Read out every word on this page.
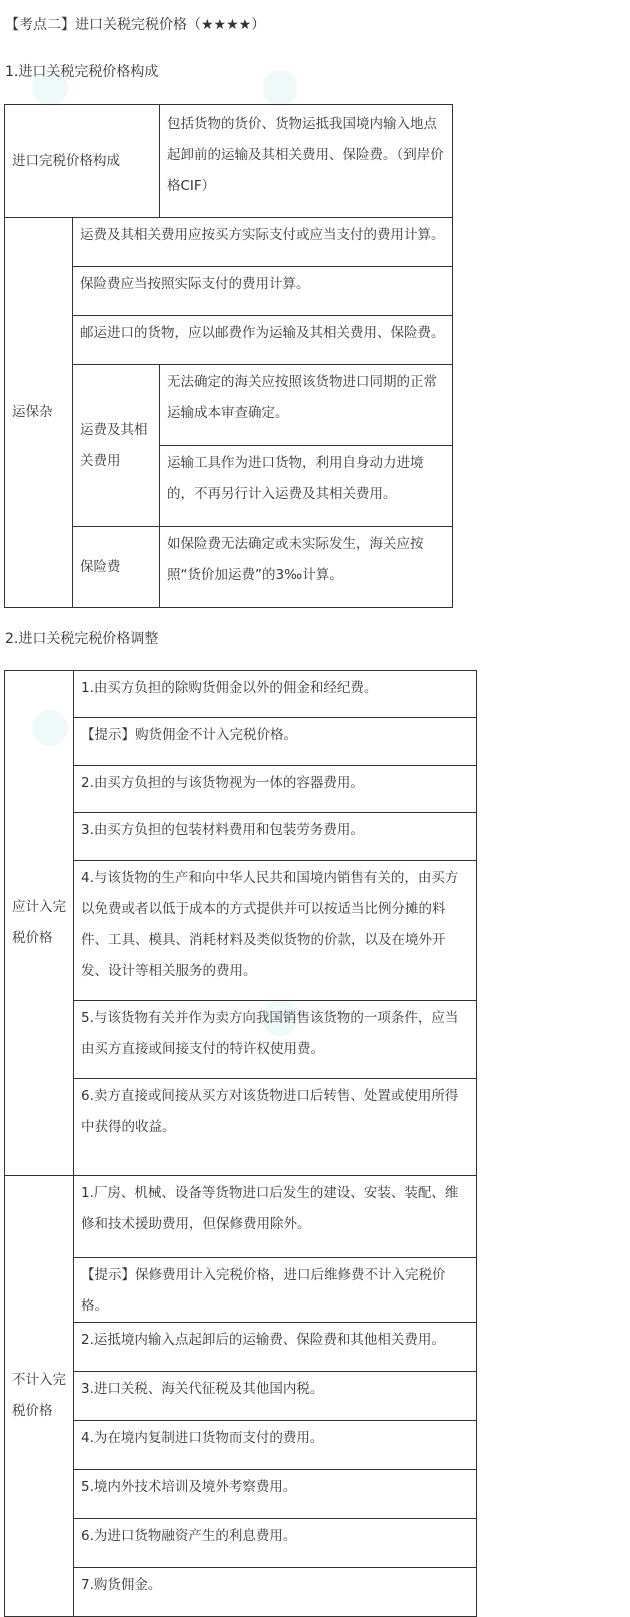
【考点二】进口关税完税价格（★★★★）
1.进口关税完税价格构成
进口完税价格构成		包括货物的货价、货物运抵我国境内输入地点起卸前的运输及其相关费用、保险费。（到岸价格CIF）
运保杂	运费及其相关费用应按买方实际支付或应当支付的费用计算。	
	保险费应当按照实际支付的费用计算。	
	邮运进口的货物，应以邮费作为运输及其相关费用、保险费。	
	运费及其相关费用	无法确定的海关应按照该货物进口同期的正常运输成本审查确定。
		运输工具作为进口货物，利用自身动力进境的，不再另行计入运费及其相关费用。
	保险费	如保险费无法确定或未实际发生，海关应按照“货价加运费”的3‰计算。
2.进口关税完税价格调整
应计入完税价格	1.由买方负担的除购货佣金以外的佣金和经纪费。
	【提示】购货佣金不计入完税价格。
	2.由买方负担的与该货物视为一体的容器费用。
	3.由买方负担的包装材料费用和包装劳务费用。
	4.与该货物的生产和向中华人民共和国境内销售有关的，由买方以免费或者以低于成本的方式提供并可以按适当比例分摊的料件、工具、模具、消耗材料及类似货物的价款，以及在境外开发、设计等相关服务的费用。
	5.与该货物有关并作为卖方向我国销售该货物的一项条件，应当由买方直接或间接支付的特许权使用费。
	6.卖方直接或间接从买方对该货物进口后转售、处置或使用所得中获得的收益。
不计入完税价格	1.厂房、机械、设备等货物进口后发生的建设、安装、装配、维修和技术援助费用，但保修费用除外。
	【提示】保修费用计入完税价格，进口后维修费不计入完税价格。
	2.运抵境内输入点起卸后的运输费、保险费和其他相关费用。
	3.进口关税、海关代征税及其他国内税。
	4.为在境内复制进口货物而支付的费用。
	5.境内外技术培训及境外考察费用。
	6.为进口货物融资产生的利息费用。
	7.购货佣金。
